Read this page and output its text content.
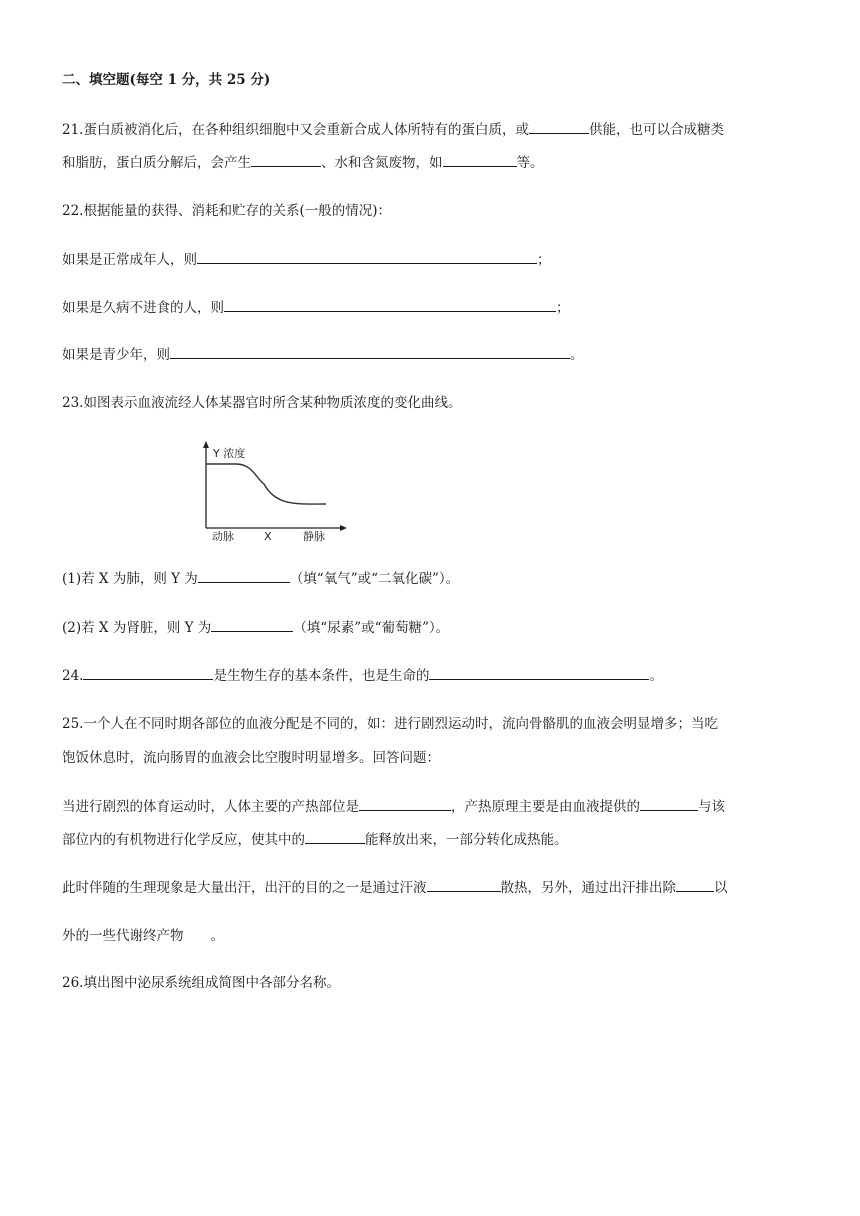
二、填空题(每空 1 分，共 25 分)
21.蛋白质被消化后，在各种组织细胞中又会重新合成人体所特有的蛋白质，或	供能，也可以合成糖类
和脂肪，蛋白质分解后，会产生	、水和含氮废物，如	等。
22.根据能量的获得、消耗和贮存的关系(一般的情况)：
如果是正常成年人，则	；
如果是久病不进食的人，则	；
如果是青少年，则	。
23.如图表示血液流经人体某器官时所含某种物质浓度的变化曲线。
Y 浓度
动脉	X	静脉
(1)若 X 为肺，则 Y 为	（填“氧气”或“二氧化碳”）。
(2)若 X 为肾脏，则 Y 为	（填“尿素”或“葡萄糖”）。
24.	是生物生存的基本条件，也是生命的	。
25.一个人在不同时期各部位的血液分配是不同的，如：进行剧烈运动时，流向骨骼肌的血液会明显增多；当吃
饱饭休息时，流向肠胃的血液会比空腹时明显增多。回答问题：
当进行剧烈的体育运动时，人体主要的产热部位是	，产热原理主要是由血液提供的	与该
部位内的有机物进行化学反应，使其中的	能释放出来，一部分转化成热能。
此时伴随的生理现象是大量出汗，出汗的目的之一是通过汗液	散热，另外，通过出汗排出除	以
外的一些代谢终产物　　。
26.填出图中泌尿系统组成简图中各部分名称。
